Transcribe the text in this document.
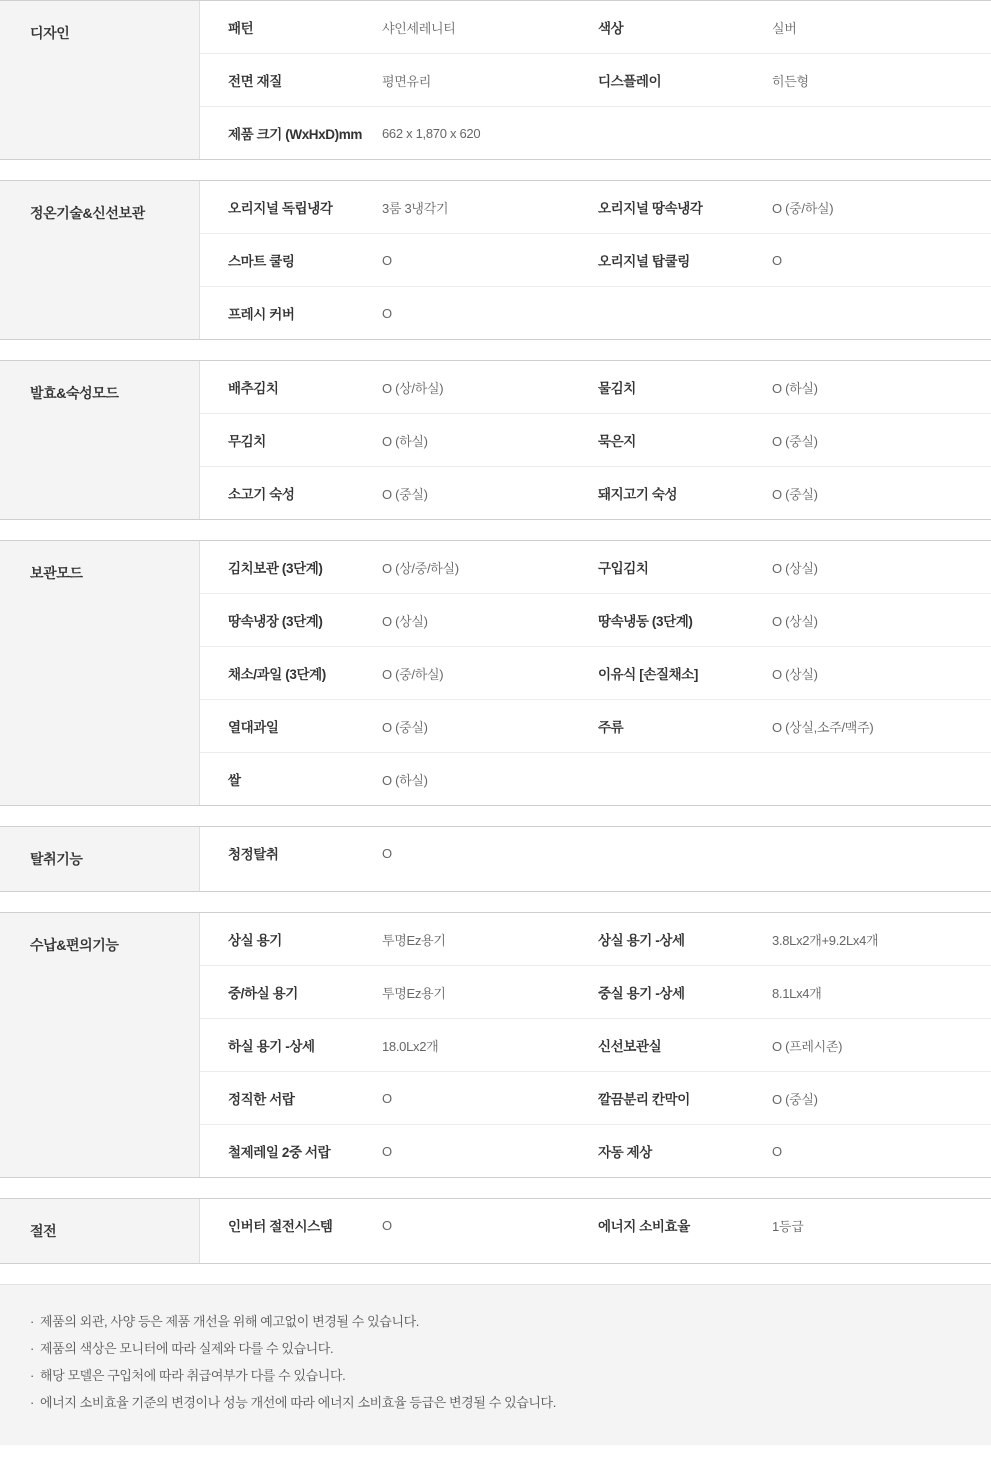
디자인	패턴	샤인세레니티	색상	실버
전면 재질	평면유리	디스플레이	히든형
제품 크기 (WxHxD)mm	662 x 1,870 x 620
정온기술&신선보관	오리지널 독립냉각	3룸 3냉각기	오리지널 땅속냉각	O (중/하실)
스마트 쿨링	O	오리지널 탑쿨링	O
프레시 커버	O
발효&숙성모드	배추김치	O (상/하실)	물김치	O (하실)
무김치	O (하실)	묵은지	O (중실)
소고기 숙성	O (중실)	돼지고기 숙성	O (중실)
보관모드	김치보관 (3단계)	O (상/중/하실)	구입김치	O (상실)
땅속냉장 (3단계)	O (상실)	땅속냉동 (3단계)	O (상실)
채소/과일 (3단계)	O (중/하실)	이유식 [손질채소]	O (상실)
열대과일	O (중실)	주류	O (상실,소주/맥주)
쌀	O (하실)
탈취기능	청정탈취	O
수납&편의기능	상실 용기	투명Ez용기	상실 용기 -상세	3.8Lx2개+9.2Lx4개
중/하실 용기	투명Ez용기	중실 용기 -상세	8.1Lx4개
하실 용기 -상세	18.0Lx2개	신선보관실	O (프레시존)
정직한 서랍	O	깔끔분리 칸막이	O (중실)
철제레일 2중 서랍	O	자동 제상	O
절전	인버터 절전시스템	O	에너지 소비효율	1등급
· 제품의 외관, 사양 등은 제품 개선을 위해 예고없이 변경될 수 있습니다.
· 제품의 색상은 모니터에 따라 실제와 다를 수 있습니다.
· 해당 모델은 구입처에 따라 취급여부가 다를 수 있습니다.
· 에너지 소비효율 기준의 변경이나 성능 개선에 따라 에너지 소비효율 등급은 변경될 수 있습니다.
